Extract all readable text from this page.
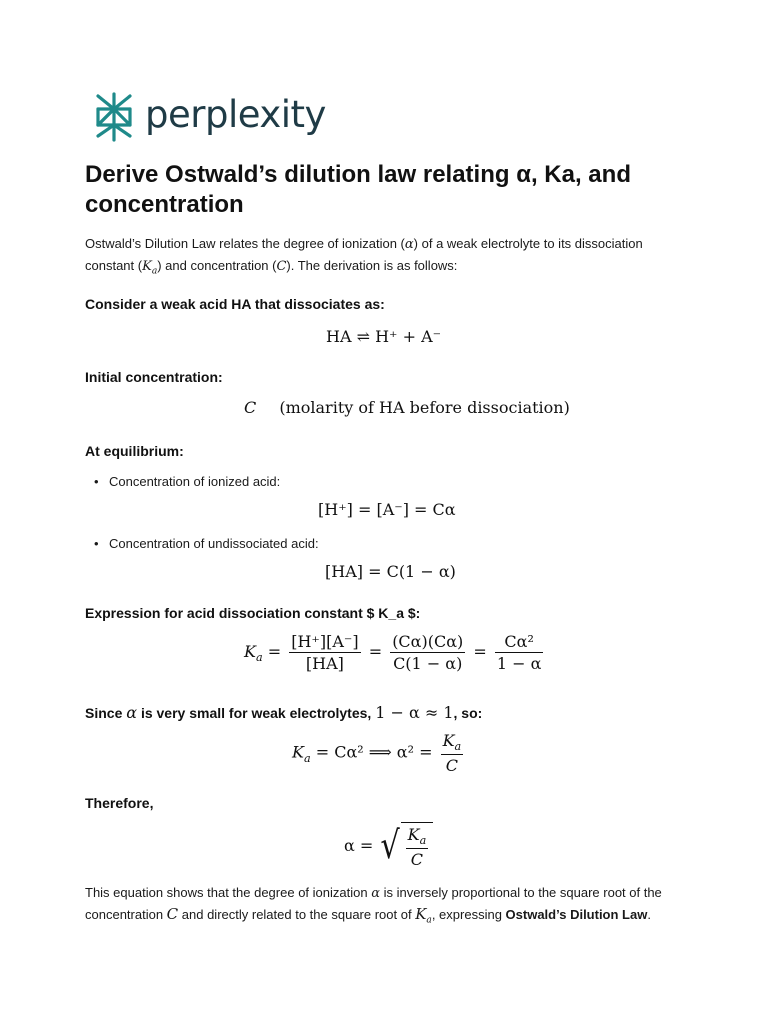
perplexity
Derive Ostwald’s dilution law relating α, Ka, and concentration
Ostwald’s Dilution Law relates the degree of ionization (α) of a weak electrolyte to its dissociation constant $(K_a)$ and concentration (C). The derivation is as follows:
Consider a weak acid HA that dissociates as:
HA ⇌ H⁺ + A⁻
Initial concentration:
C (molarity of HA before dissociation)
At equilibrium:
• Concentration of ionized acid:
[H⁺] = [A⁻] = Cα
• Concentration of undissociated acid:
[HA] = C(1 − α)
Expression for acid dissociation constant $ K_a $:
$K_a = \frac{[H^+][A^-]}{[HA]} = \frac{(C\alpha)(C\alpha)}{C(1 - \alpha)} = \frac{\text{Cα²}}{1 - \alpha}$
Since α is very small for weak electrolytes, 1 − α ≈ 1, so:
$K_a = C\alpha^2$ ⟹ $\alpha^2 = \frac{K_a}{C}$
Therefore,
α = √ $\frac{K_a}{C}$
This equation shows that the degree of ionization α is inversely proportional to the square root of the concentration C and directly related to the square root of $K_a$, expressing Ostwald’s Dilution Law.
